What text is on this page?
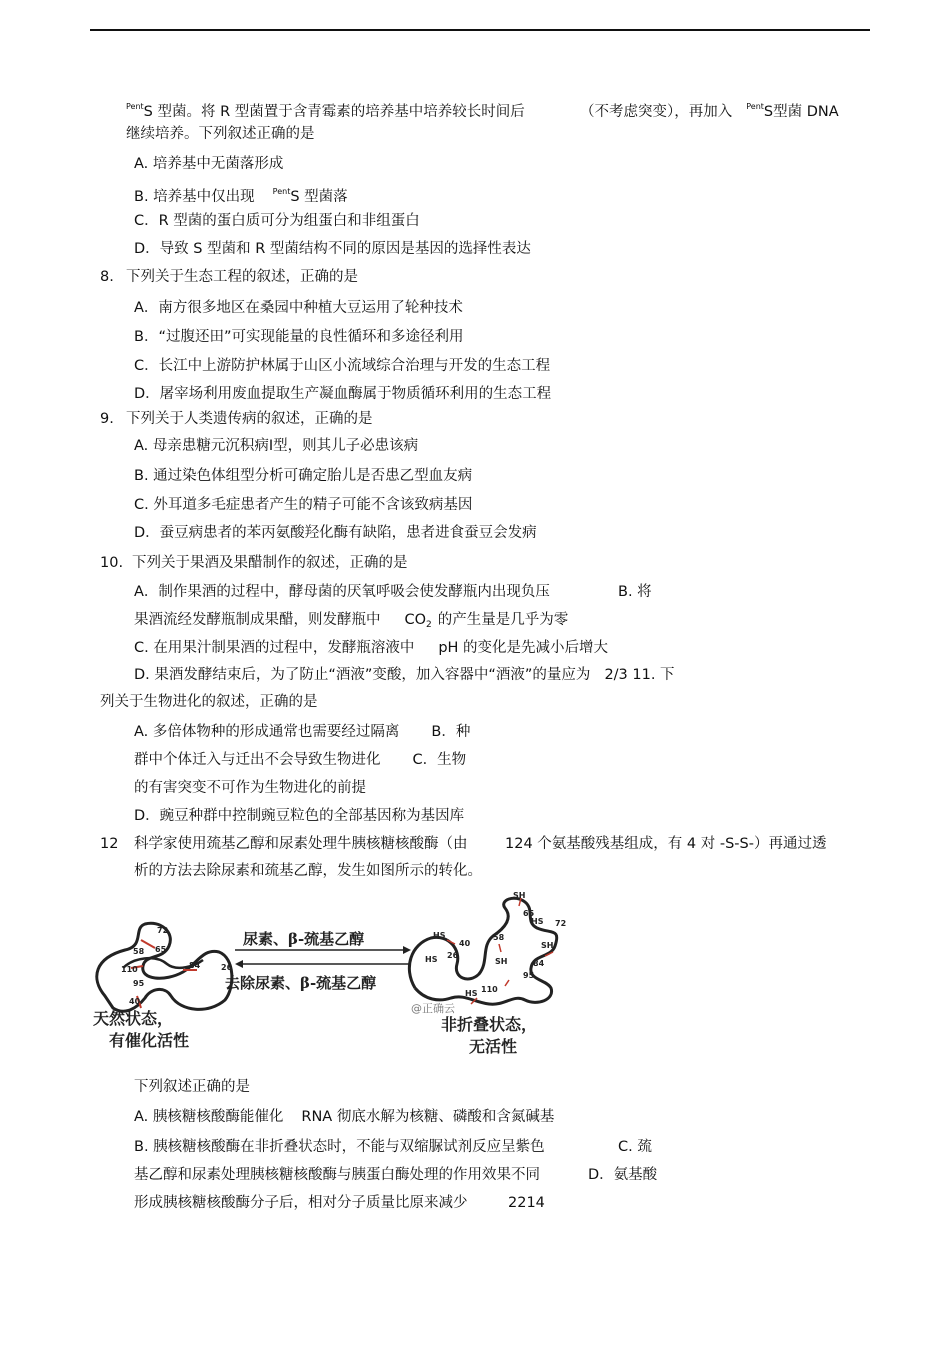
$^{Pent}$S 型菌。将 R 型菌置于含青霉素的培养基中培养较长时间后	（不考虑突变），再加入 $^{Pent}$S型菌 DNA
继续培养。下列叙述正确的是
A. 培养基中无菌落形成
B. 培养基中仅出现 $^{Pent}$S 型菌落
C．R 型菌的蛋白质可分为组蛋白和非组蛋白
D．导致 S 型菌和 R 型菌结构不同的原因是基因的选择性表达
8. 下列关于生态工程的叙述，正确的是
A．南方很多地区在桑园中种植大豆运用了轮种技术
B．“过腹还田”可实现能量的良性循环和多途径利用
C．长江中上游防护林属于山区小流域综合治理与开发的生态工程
D．屠宰场利用废血提取生产凝血酶属于物质循环利用的生态工程
9. 下列关于人类遗传病的叙述，正确的是
A. 母亲患糖元沉积病Ⅰ型，则其儿子必患该病
B. 通过染色体组型分析可确定胎儿是否患乙型血友病
C. 外耳道多毛症患者产生的精子可能不含该致病基因
D．蚕豆病患者的苯丙氨酸羟化酶有缺陷，患者进食蚕豆会发病
10. 下列关于果酒及果醋制作的叙述，正确的是
A．制作果酒的过程中，酵母菌的厌氧呼吸会使发酵瓶内出现负压	B. 将
果酒流经发酵瓶制成果醋，则发酵瓶中 $CO_2$ 的产生量是几乎为零
C. 在用果汁制果酒的过程中，发酵瓶溶液中 pH 的变化是先减小后增大
D. 果酒发酵结束后，为了防止“酒液”变酸，加入容器中“酒液”的量应为 2/3 11. 下
列关于生物进化的叙述，正确的是
A. 多倍体物种的形成通常也需要经过隔离 B．种
群中个体迁入与迁出不会导致生物进化 C．生物
的有害突变不可作为生物进化的前提
D．豌豆种群中控制豌豆粒色的全部基因称为基因库
12 科学家使用巯基乙醇和尿素处理牛胰核糖核酸酶（由	124 个氨基酸残基组成，有 4 对 -S-S-）再通过透
析的方法去除尿素和巯基乙醇，发生如图所示的转化。
72
65
58
110	84	26
95
40
尿素、β-巯基乙醇
去除尿素、β-巯基乙醇
SH
65
HS 72
SH
40
58
HS
26
SH	84
95
HS
HS 110
@正确云
天然状态，
有催化活性
非折叠状态，
无活性
下列叙述正确的是
A. 胰核糖核酸酶能催化 RNA 彻底水解为核糖、磷酸和含氮碱基
B. 胰核糖核酸酶在非折叠状态时，不能与双缩脲试剂反应呈紫色	C. 巯
基乙醇和尿素处理胰核糖核酸酶与胰蛋白酶处理的作用效果不同	D．氨基酸
形成胰核糖核酸酶分子后，相对分子质量比原来减少	2214
